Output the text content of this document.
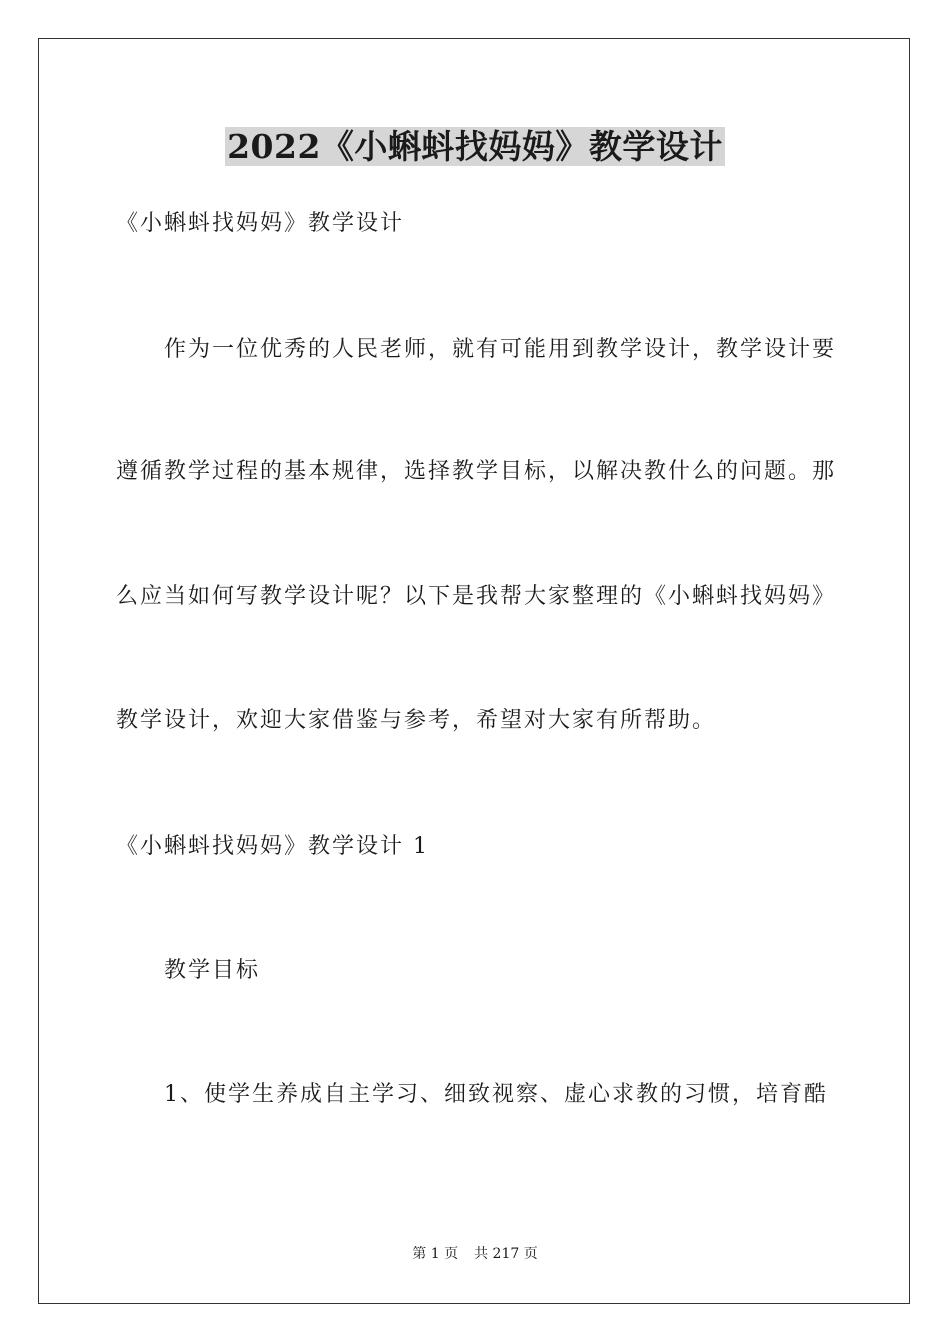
2022《小蝌蚪找妈妈》教学设计
《小蝌蚪找妈妈》教学设计
作为一位优秀的人民老师，就有可能用到教学设计，教学设计要
遵循教学过程的基本规律，选择教学目标，以解决教什么的问题。那
么应当如何写教学设计呢？以下是我帮大家整理的《小蝌蚪找妈妈》
教学设计，欢迎大家借鉴与参考，希望对大家有所帮助。
《小蝌蚪找妈妈》教学设计 1
教学目标
1、使学生养成自主学习、细致视察、虚心求教的习惯，培育酷
第 1 页 共 217 页
